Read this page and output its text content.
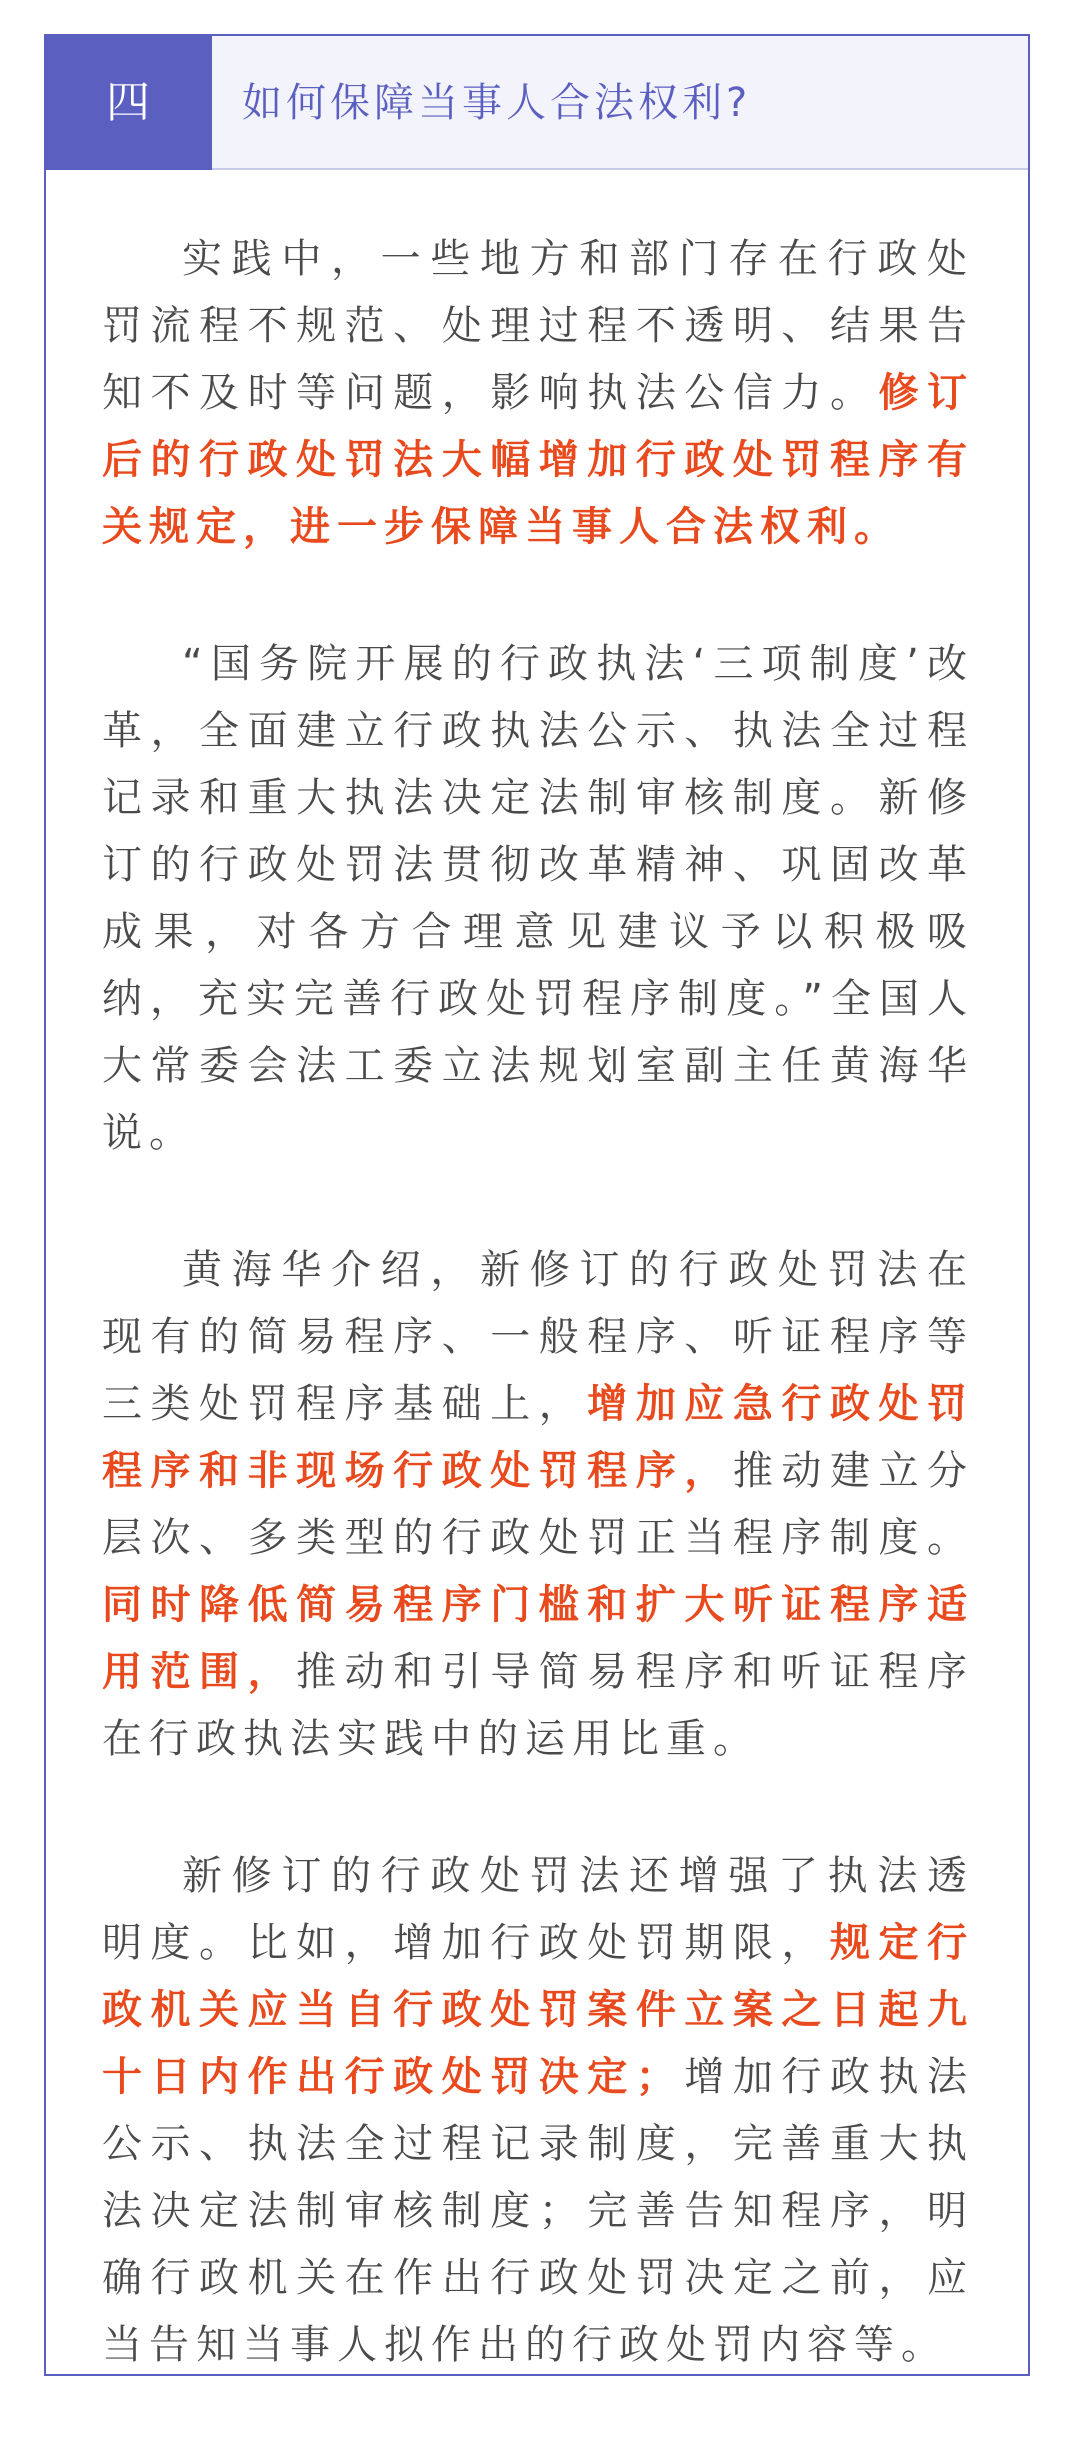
四	如何保障当事人合法权利?

实践中，一些地方和部门存在行政处罚流程不规范、处理过程不透明、结果告知不及时等问题，影响执法公信力。修订后的行政处罚法大幅增加行政处罚程序有关规定，进一步保障当事人合法权利。

“国务院开展的行政执法‘三项制度’改革，全面建立行政执法公示、执法全过程记录和重大执法决定法制审核制度。新修订的行政处罚法贯彻改革精神、巩固改革成果，对各方合理意见建议予以积极吸纳，充实完善行政处罚程序制度。”全国人大常委会法工委立法规划室副主任黄海华说。

黄海华介绍，新修订的行政处罚法在现有的简易程序、一般程序、听证程序等三类处罚程序基础上，增加应急行政处罚程序和非现场行政处罚程序，推动建立分层次、多类型的行政处罚正当程序制度。同时降低简易程序门槛和扩大听证程序适用范围，推动和引导简易程序和听证程序在行政执法实践中的运用比重。

新修订的行政处罚法还增强了执法透明度。比如，增加行政处罚期限，规定行政机关应当自行政处罚案件立案之日起九十日内作出行政处罚决定；增加行政执法公示、执法全过程记录制度，完善重大执法决定法制审核制度；完善告知程序，明确行政机关在作出行政处罚决定之前，应当告知当事人拟作出的行政处罚内容等。
